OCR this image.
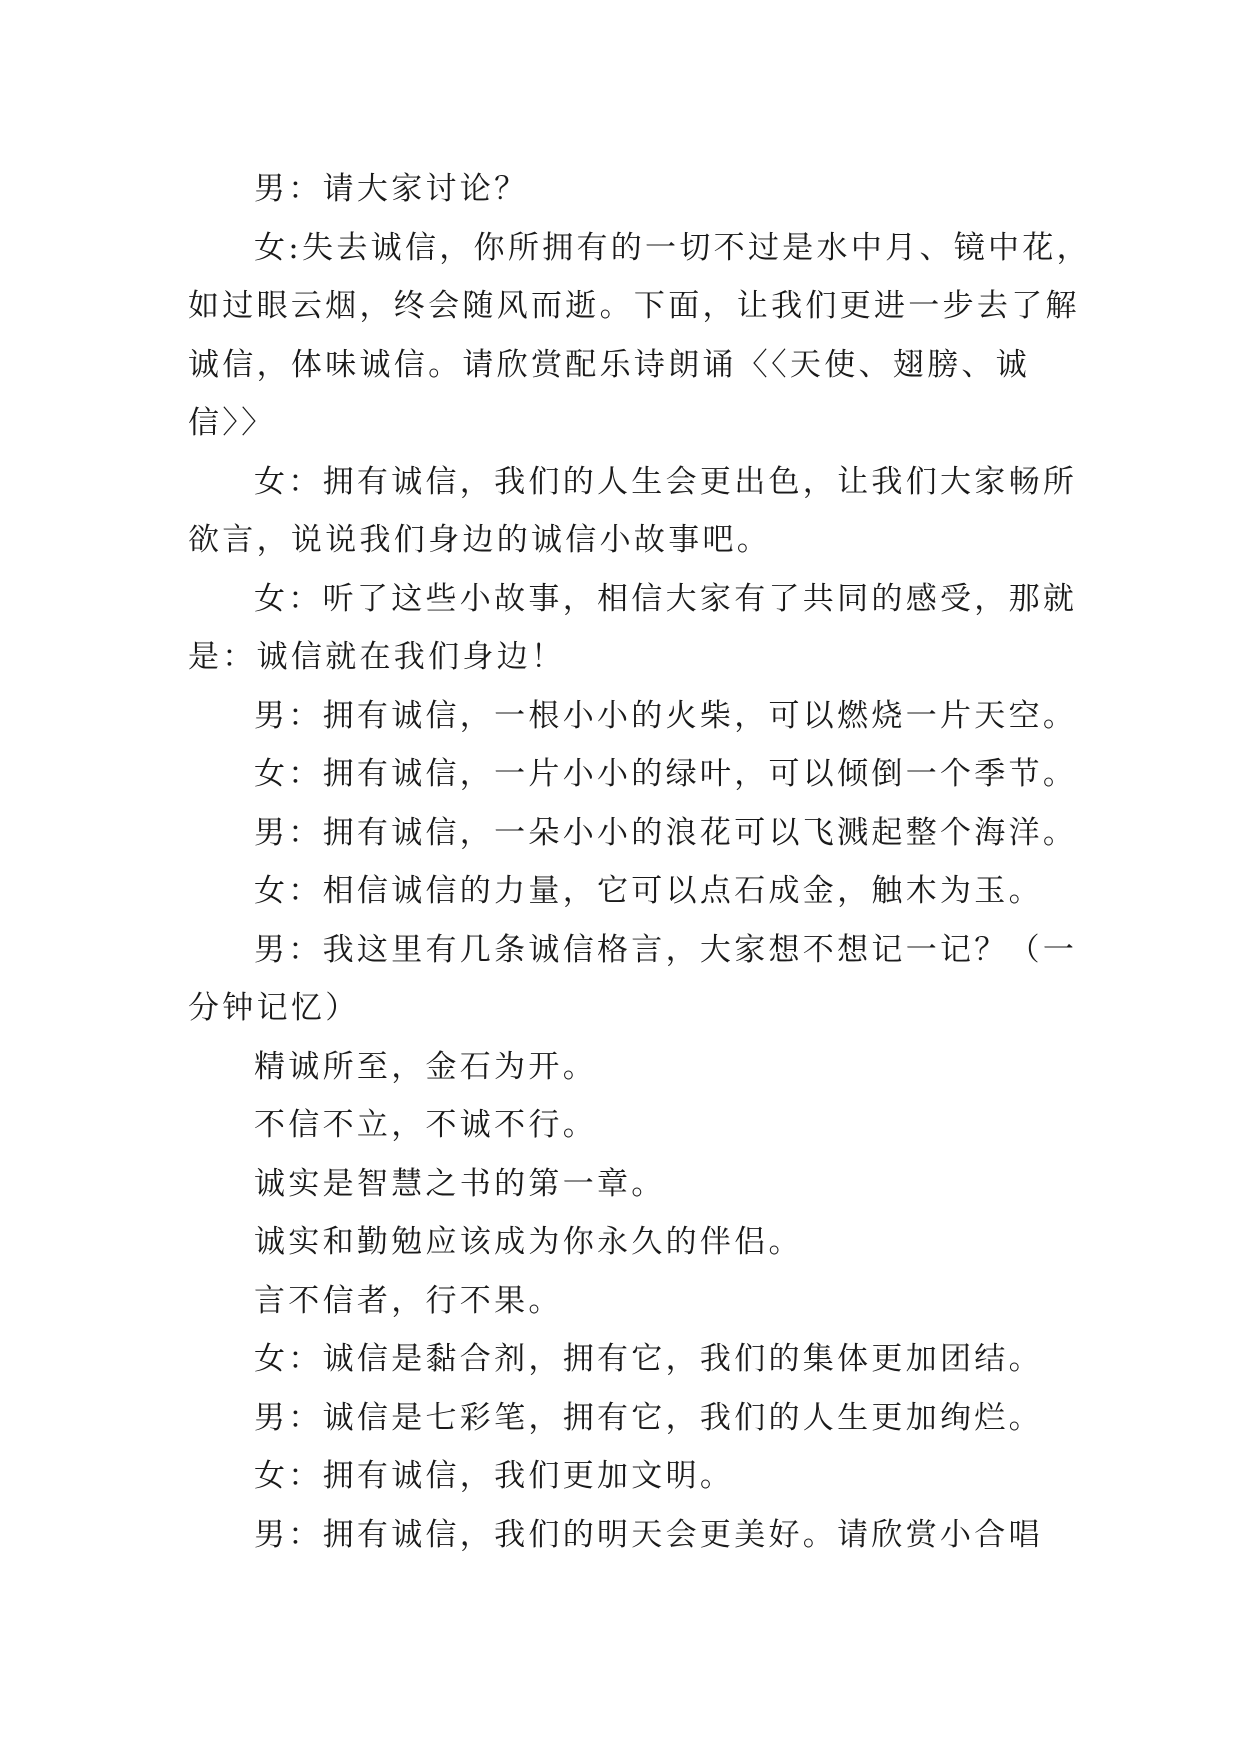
男：请大家讨论？
女:失去诚信，你所拥有的一切不过是水中月、镜中花，
如过眼云烟，终会随风而逝。下面，让我们更进一步去了解
诚信，体味诚信。请欣赏配乐诗朗诵〈〈天使、翅膀、诚
信〉〉
女：拥有诚信，我们的人生会更出色，让我们大家畅所
欲言，说说我们身边的诚信小故事吧。
女：听了这些小故事，相信大家有了共同的感受，那就
是：诚信就在我们身边！
男：拥有诚信，一根小小的火柴，可以燃烧一片天空。
女：拥有诚信，一片小小的绿叶，可以倾倒一个季节。
男：拥有诚信，一朵小小的浪花可以飞溅起整个海洋。
女：相信诚信的力量，它可以点石成金，触木为玉。
男：我这里有几条诚信格言，大家想不想记一记？（一
分钟记忆）
精诚所至，金石为开。
不信不立，不诚不行。
诚实是智慧之书的第一章。
诚实和勤勉应该成为你永久的伴侣。
言不信者，行不果。
女：诚信是黏合剂，拥有它，我们的集体更加团结。
男：诚信是七彩笔，拥有它，我们的人生更加绚烂。
女：拥有诚信，我们更加文明。
男：拥有诚信，我们的明天会更美好。请欣赏小合唱
